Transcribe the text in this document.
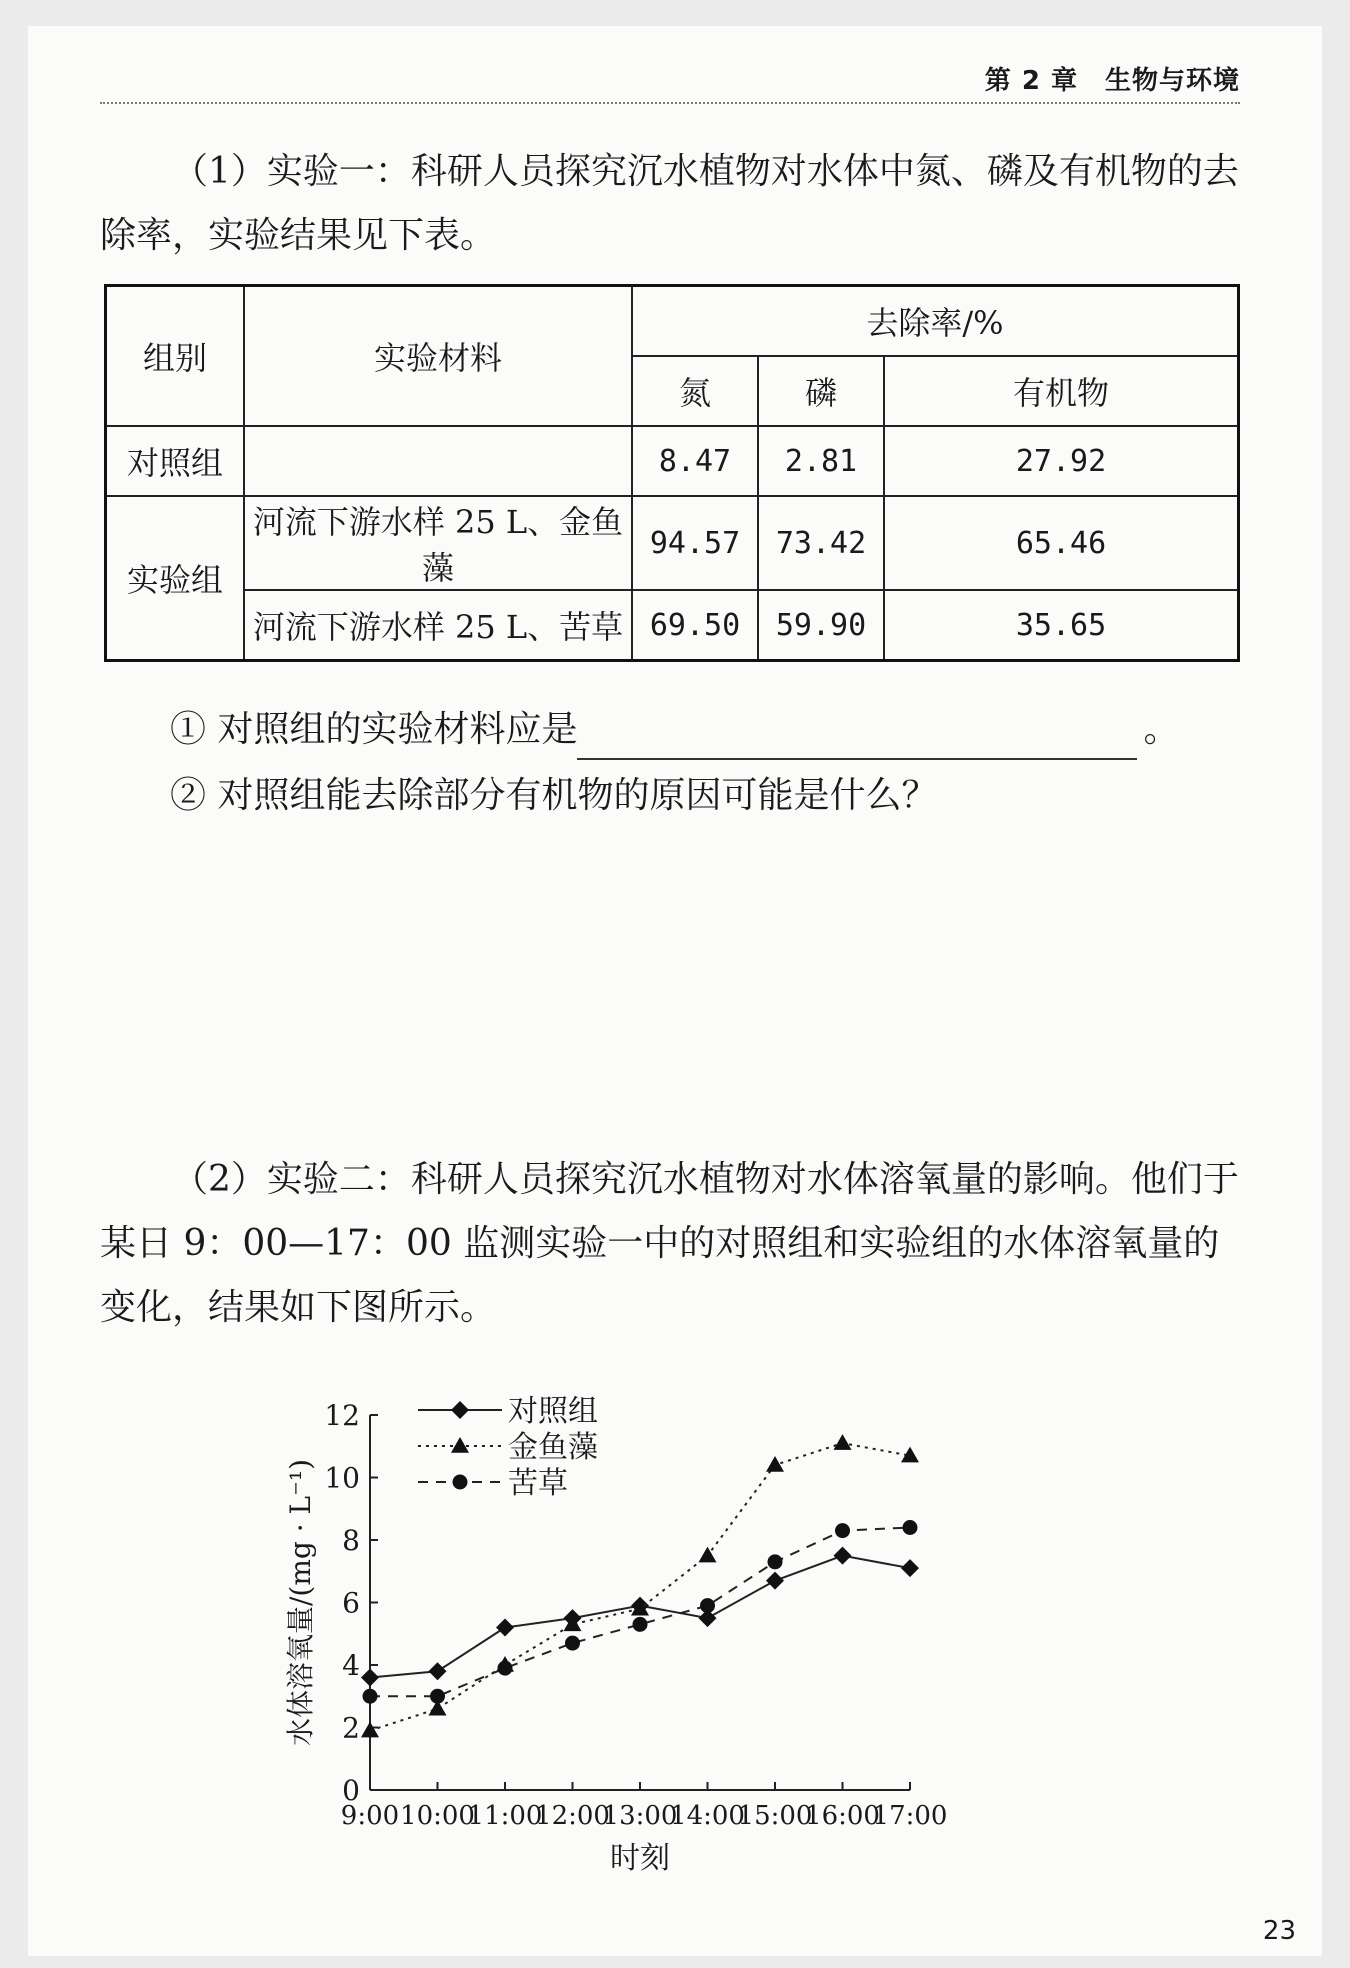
第 2 章　生物与环境

（1）实验一：科研人员探究沉水植物对水体中氮、磷及有机物的去除率，实验结果见下表。

组别	实验材料	去除率/%		
		氮	磷	有机物
对照组		8.47	2.81	27.92
实验组	河流下游水样 25 L、金鱼藻	94.57	73.42	65.46
	河流下游水样 25 L、苦草	69.50	59.90	35.65
① 对照组的实验材料应是	。
② 对照组能去除部分有机物的原因可能是什么？

（2）实验二：科研人员探究沉水植物对水体溶氧量的影响。他们于某日 9：00—17：00 监测实验一中的对照组和实验组的水体溶氧量的变化，结果如下图所示。

0
2
4
6
8
10
12
9:00 10:00
11:00
12:00
13:00
14:00
15:00
16:00
17:00
对照组
金鱼藻
苦草
时刻
水体溶氧量/(mg · L⁻¹)
23
